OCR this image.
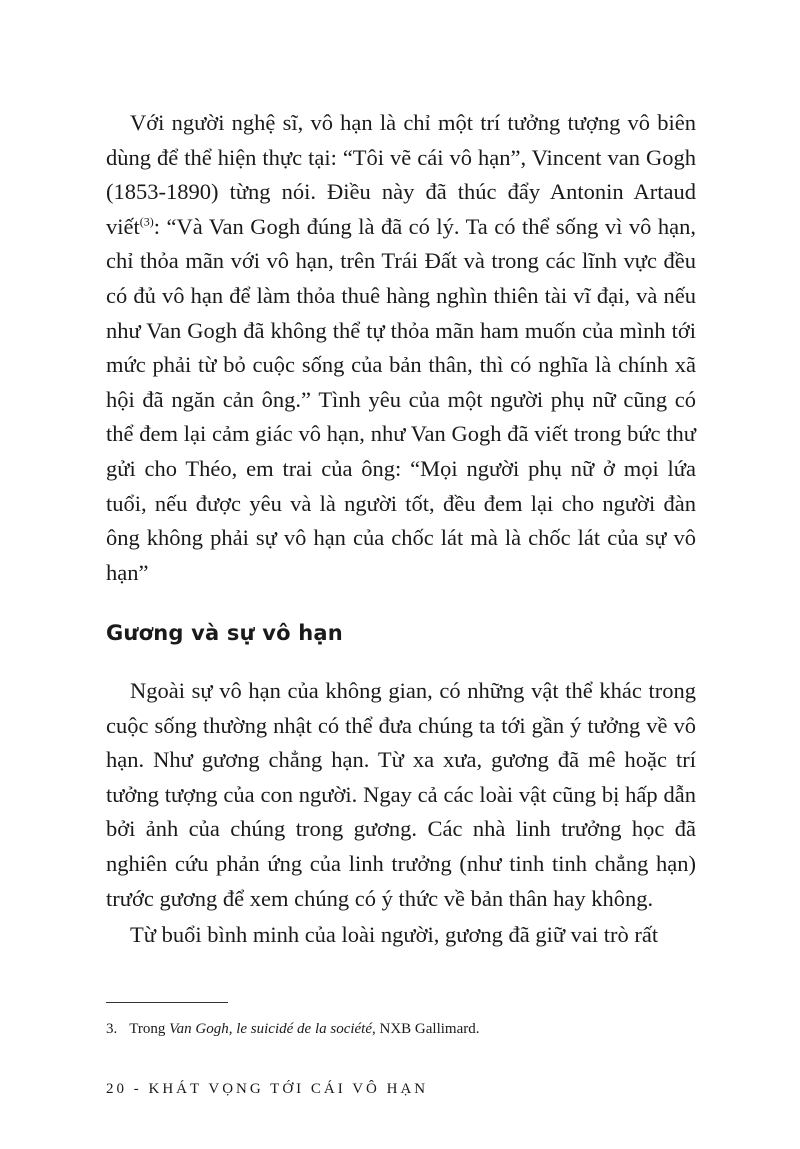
Với người nghệ sĩ, vô hạn là chỉ một trí tưởng tượng vô biên dùng để thể hiện thực tại: “Tôi vẽ cái vô hạn”, Vincent van Gogh (1853-1890) từng nói. Điều này đã thúc đẩy Antonin Artaud viết$^{(3)}$: “Và Van Gogh đúng là đã có lý. Ta có thể sống vì vô hạn, chỉ thỏa mãn với vô hạn, trên Trái Đất và trong các lĩnh vực đều có đủ vô hạn để làm thỏa thuê hàng nghìn thiên tài vĩ đại, và nếu như Van Gogh đã không thể tự thỏa mãn ham muốn của mình tới mức phải từ bỏ cuộc sống của bản thân, thì có nghĩa là chính xã hội đã ngăn cản ông.” Tình yêu của một người phụ nữ cũng có thể đem lại cảm giác vô hạn, như Van Gogh đã viết trong bức thư gửi cho Théo, em trai của ông: “Mọi người phụ nữ ở mọi lứa tuổi, nếu được yêu và là người tốt, đều đem lại cho người đàn ông không phải sự vô hạn của chốc lát mà là chốc lát của sự vô hạn”

Gương và sự vô hạn

Ngoài sự vô hạn của không gian, có những vật thể khác trong cuộc sống thường nhật có thể đưa chúng ta tới gần ý tưởng về vô hạn. Như gương chẳng hạn. Từ xa xưa, gương đã mê hoặc trí tưởng tượng của con người. Ngay cả các loài vật cũng bị hấp dẫn bởi ảnh của chúng trong gương. Các nhà linh trưởng học đã nghiên cứu phản ứng của linh trưởng (như tinh tinh chẳng hạn) trước gương để xem chúng có ý thức về bản thân hay không.

Từ buổi bình minh của loài người, gương đã giữ vai trò rất

3. Trong Van Gogh, le suicidé de la société, NXB Gallimard.

20 - KHÁT VỌNG TỚI CÁI VÔ HẠN
